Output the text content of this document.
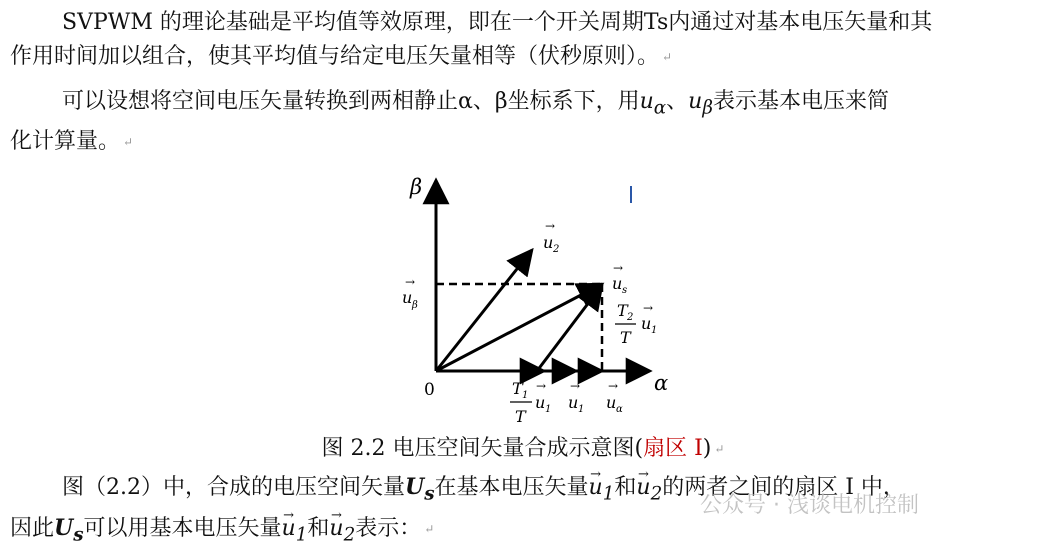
SVPWM 的理论基础是平均值等效原理，即在一个开关周期Ts内通过对基本电压矢量和其
作用时间加以组合，使其平均值与给定电压矢量相等（伏秒原则）。 ↵

可以设想将空间电压矢量转换到两相静止α、β坐标系下，用$u_\alpha$、$u_\beta$表示基本电压来简
化计算量。 ↵

β
α
0
→
u 2
→
u s
→
u β	T 2
T
→
u 1
T 1
T
→
u 1
→
u 1
→
u α
图 2.2 电压空间矢量合成示意图(扇区 I) ↵

图（2.2）中，合成的电压空间矢量$U_s$在基本电压矢量→ $u_1$和→ $u_2$的两者之间的扇区 I 中，
因此$U_s$可以用基本电压矢量→ $u_1$和→ $u_2$表示： ↵

公众号 · 浅谈电机控制
